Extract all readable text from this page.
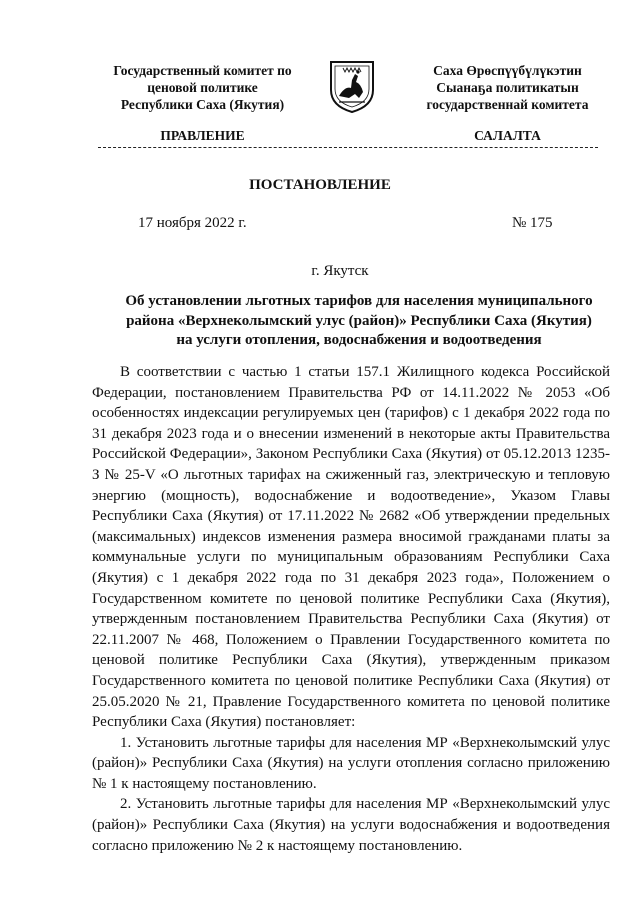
Государственный комитет по
ценовой политике
Республики Саха (Якутия)
Саха Өрөспүүбүлүкэтин
Сыанаҕа политикатын
государственнай комитета
ПРАВЛЕНИЕ	САЛАЛТА
ПОСТАНОВЛЕНИЕ
17 ноября 2022 г.	№ 175
г. Якутск
Об установлении льготных тарифов для населения муниципального района «Верхнеколымский улус (район)» Республики Саха (Якутия) на услуги отопления, водоснабжения и водоотведения

В соответствии с частью 1 статьи 157.1 Жилищного кодекса Российской Федерации, постановлением Правительства РФ от 14.11.2022 № 2053 «Об особенностях индексации регулируемых цен (тарифов) с 1 декабря 2022 года по 31 декабря 2023 года и о внесении изменений в некоторые акты Правительства Российской Федерации», Законом Республики Саха (Якутия) от 05.12.2013 1235-З № 25-V «О льготных тарифах на сжиженный газ, электрическую и тепловую энергию (мощность), водоснабжение и водоотведение», Указом Главы Республики Саха (Якутия) от 17.11.2022 № 2682 «Об утверждении предельных (максимальных) индексов изменения размера вносимой гражданами платы за коммунальные услуги по муниципальным образованиям Республики Саха (Якутия) с 1 декабря 2022 года по 31 декабря 2023 года», Положением о Государственном комитете по ценовой политике Республики Саха (Якутия), утвержденным постановлением Правительства Республики Саха (Якутия) от 22.11.2007 № 468, Положением о Правлении Государственного комитета по ценовой политике Республики Саха (Якутия), утвержденным приказом Государственного комитета по ценовой политике Республики Саха (Якутия) от 25.05.2020 № 21, Правление Государственного комитета по ценовой политике Республики Саха (Якутия) постановляет:

1. Установить льготные тарифы для населения МР «Верхнеколымский улус (район)» Республики Саха (Якутия) на услуги отопления согласно приложению № 1 к настоящему постановлению.

2. Установить льготные тарифы для населения МР «Верхнеколымский улус (район)» Республики Саха (Якутия) на услуги водоснабжения и водоотведения согласно приложению № 2 к настоящему постановлению.
